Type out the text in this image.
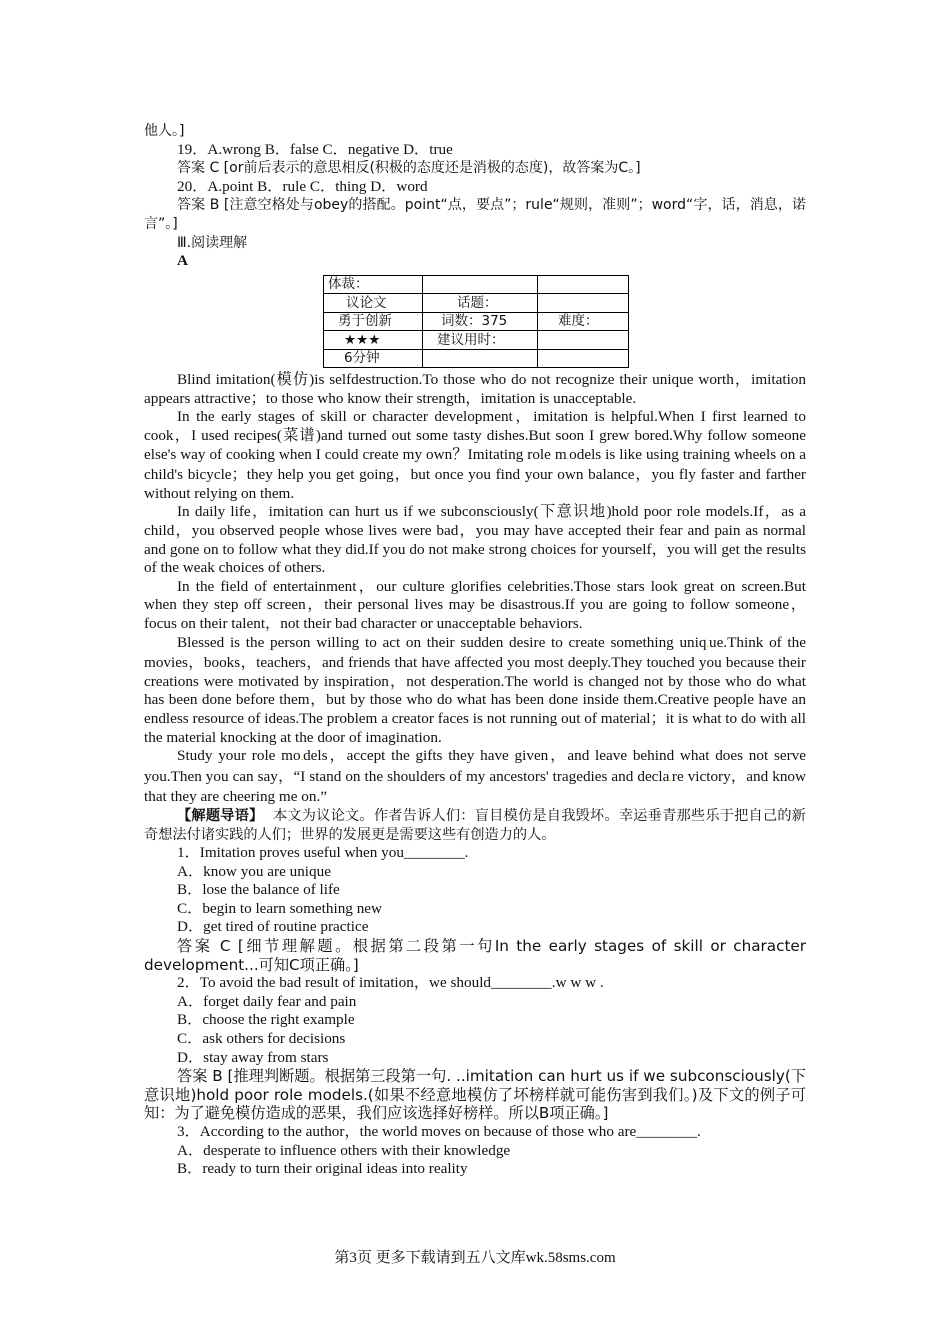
他人。]

19．A.wrong B．false C．negative D．true

答案 C [or前后表示的意思相反(积极的态度还是消极的态度)，故答案为C。]

20．A.point B．rule C．thing D．word

答案 B [注意空格处与obey的搭配。point“点，要点”；rule“规则，准则”；word“字，话，消息，诺言”。]

Ⅲ.阅读理解

A

体裁：		
议论文	话题：	
勇于创新	词数：375	难度：
★★★	建议用时：	
6分钟		

Blind imitation(模仿)is selfdestruction.To those who do not recognize their unique worth，imitation appears attractive；to those who know their strength，imitation is unacceptable.

In the early stages of skill or character development，imitation is helpful.When I first learned to cook，I used recipes(菜谱)and turned out some tasty dishes.But soon I grew bored.Why follow someone else's way of cooking when I could create my own？Imitating role m.odels is like using training wheels on a child's bicycle；they help you get going，but once you find your own balance，you fly faster and farther without relying on them.

In daily life，imitation can hurt us if we subconsciously(下意识地)hold poor role models.If，as a child，you observed people whose lives were bad，you may have accepted their fear and pain as normal and gone on to follow what they did.If you do not make strong choices for yourself，you will get the results of the weak choices of others.

In the field of entertainment，our culture glorifies celebrities.Those stars look great on screen.But when they step off screen，their personal lives may be disastrous.If you are going to follow someone，focus on their talent，not their bad character or unacceptable behaviors.

Blessed is the person willing to act on their sudden desire to create something uniq.ue.Think of the movies，books，teachers，and friends that have affected you most deeply.They touched you because their creations were motivated by inspiration，not desperation.The world is changed not by those who do what has been done before them，but by those who do what has been done inside them.Creative people have an endless resource of ideas.The problem a creator faces is not running out of material；it is what to do with all the material knocking at the door of imagination.

Study your role mo.dels，accept the gifts they have given，and leave behind what does not serve you.Then you can say，“I stand on the shoulders of my ancestors' tragedies and decla.re victory，and know that they are cheering me on.”

【解题导语】 本文为议论文。作者告诉人们：盲目模仿是自我毁坏。幸运垂青那些乐于把自己的新奇想法付诸实践的人们；世界的发展更是需要这些有创造力的人。

1．Imitation proves useful when you________.

A．know you are unique

B．lose the balance of life

C．begin to learn something new

D．get tired of routine practice

答案 C [细节理解题。根据第二段第一句In the early stages of skill or character development...可知C项正确。]

2．To avoid the bad result of imitation，we should________.w w w .

A．forget daily fear and pain

B．choose the right example

C．ask others for decisions

D．stay away from stars

答案 B [推理判断题。根据第三段第一句. ..imitation can hurt us if we subconsciously(下意识地)hold poor role models.(如果不经意地模仿了坏榜样就可能伤害到我们。)及下文的例子可知：为了避免模仿造成的恶果，我们应该选择好榜样。所以B项正确。]

3．According to the author，the world moves on because of those who are________.

A．desperate to influence others with their knowledge

B．ready to turn their original ideas into reality

第3页 更多下载请到五八文库wk.58sms.com
